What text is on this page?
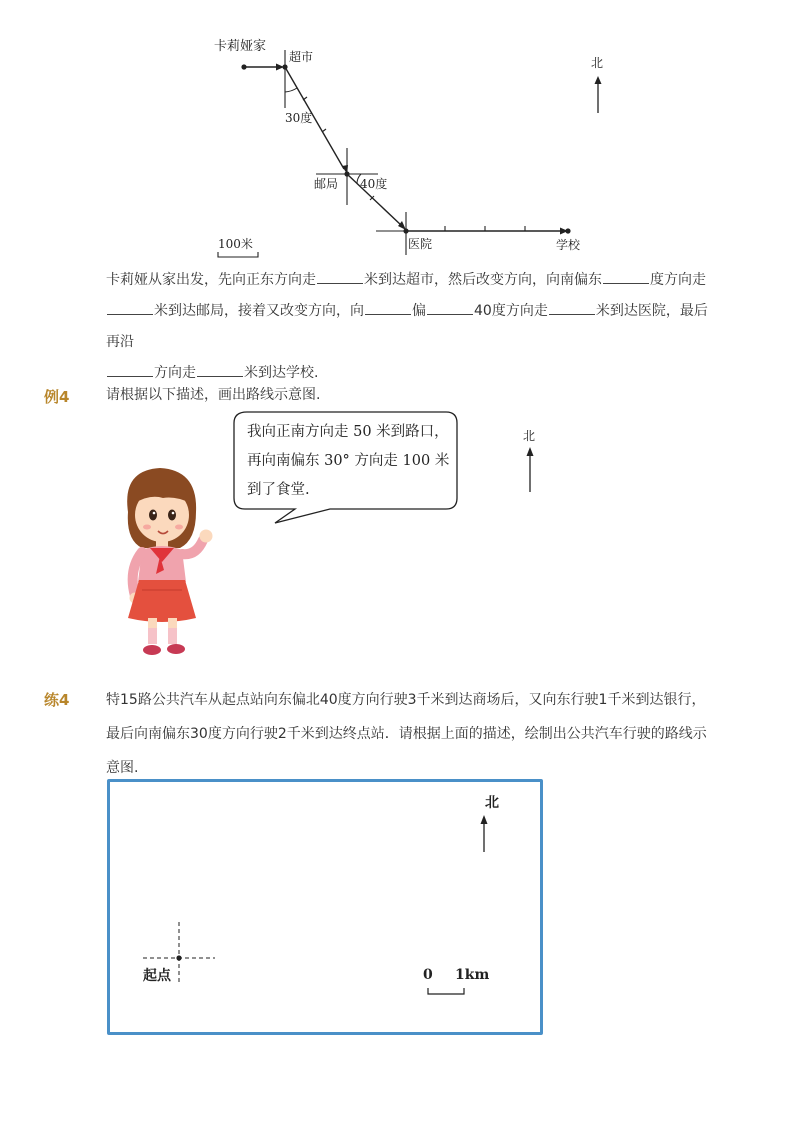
卡莉娅家
超市
30度
邮局 40度
医院	学校
100米
北
卡莉娅从家出发，先向正东方向走	米到达超市，然后改变方向，向南偏东	度方向走
米到达邮局，接着又改变方向，向	偏	40度方向走	米到达医院，最后再沿
方向走	米到达学校.
例4	请根据以下描述，画出路线示意图.
北
我向正南方向走 50 米到路口，再向南偏东 30° 方向走 100 米到了食堂.
练4	特15路公共汽车从起点站向东偏北40度方向行驶3千米到达商场后，又向东行驶1千米到达银行，最后向南偏东30度方向行驶2千米到达终点站．请根据上面的描述，绘制出公共汽车行驶的路线示意图.
北
起点	0 1km
